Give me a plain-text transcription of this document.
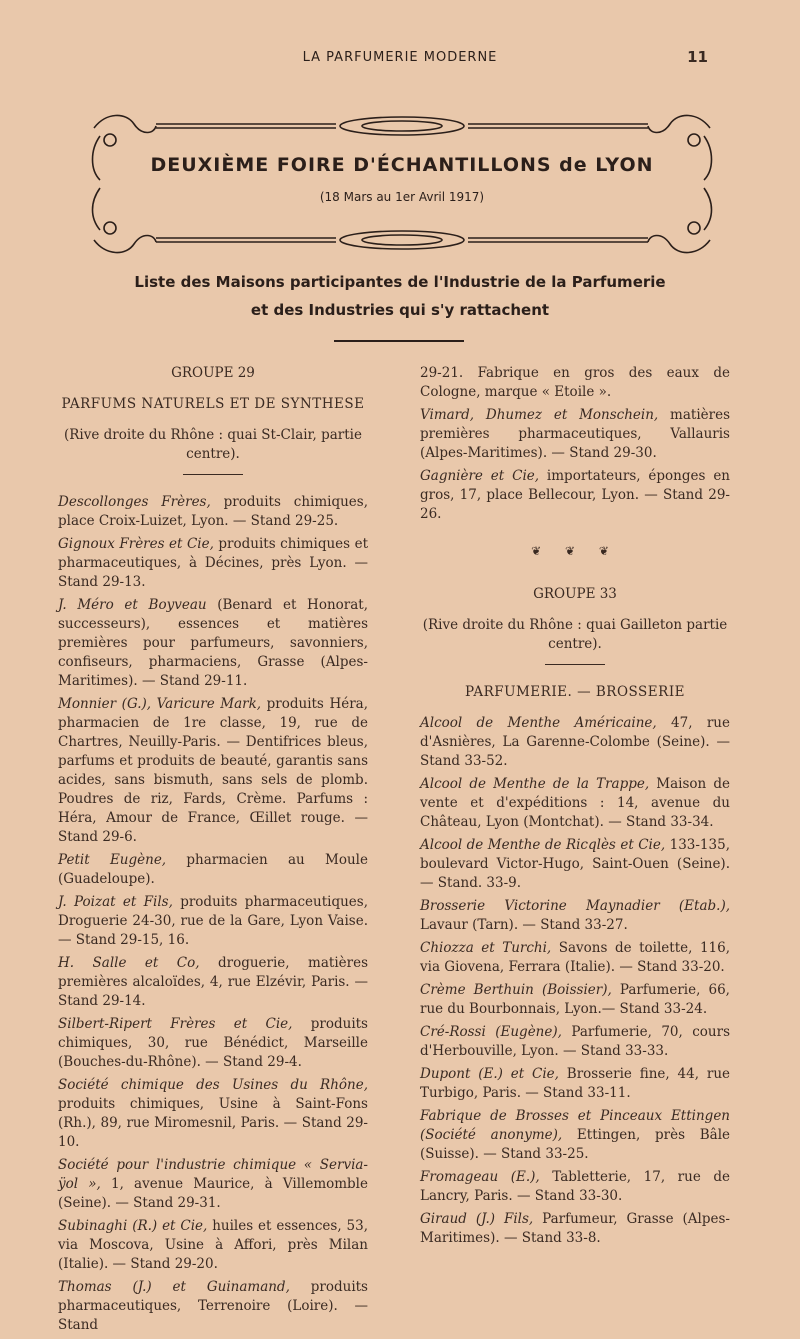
LA PARFUMERIE MODERNE	11
DEUXIÈME FOIRE D'ÉCHANTILLONS de LYON
(18 Mars au 1er Avril 1917)
Liste des Maisons participantes de l'Industrie de la Parfumerie
et des Industries qui s'y rattachent
GROUPE 29
PARFUMS NATURELS ET DE SYNTHESE
(Rive droite du Rhône : quai St-Clair, partie centre).

Descollonges Frères, produits chimiques, place Croix-Luizet, Lyon. — Stand 29-25.

Gignoux Frères et Cie, produits chimiques et pharmaceutiques, à Décines, près Lyon. — Stand 29-13.

J. Méro et Boyveau (Benard et Honorat, successeurs), essences et matières premières pour parfumeurs, savonniers, confiseurs, pharmaciens, Grasse (Alpes-Maritimes). — Stand 29-11.

Monnier (G.), Varicure Mark, produits Héra, pharmacien de 1re classe, 19, rue de Chartres, Neuilly-Paris. — Dentifrices bleus, parfums et produits de beauté, garantis sans acides, sans bismuth, sans sels de plomb. Poudres de riz, Fards, Crème. Parfums : Héra, Amour de France, Œillet rouge. — Stand 29-6.

Petit Eugène, pharmacien au Moule (Guadeloupe).

J. Poizat et Fils, produits pharmaceutiques, Droguerie 24-30, rue de la Gare, Lyon Vaise. — Stand 29-15, 16.

H. Salle et Co, droguerie, matières premières alcaloïdes, 4, rue Elzévir, Paris. — Stand 29-14.

Silbert-Ripert Frères et Cie, produits chimiques, 30, rue Bénédict, Marseille (Bouches-du-Rhône). — Stand 29-4.

Société chimique des Usines du Rhône, produits chimiques, Usine à Saint-Fons (Rh.), 89, rue Miromesnil, Paris. — Stand 29-10.

Société pour l'industrie chimique « Servia-ÿol », 1, avenue Maurice, à Villemomble (Seine). — Stand 29-31.

Subinaghi (R.) et Cie, huiles et essences, 53, via Moscova, Usine à Affori, près Milan (Italie). — Stand 29-20.

Thomas (J.) et Guinamand, produits pharmaceutiques, Terrenoire (Loire). — Stand

29-21. Fabrique en gros des eaux de Cologne, marque « Etoile ».

Vimard, Dhumez et Monschein, matières premières pharmaceutiques, Vallauris (Alpes-Maritimes). — Stand 29-30.

Gagnière et Cie, importateurs, éponges en gros, 17, place Bellecour, Lyon. — Stand 29-26.

❦ ❦ ❦
GROUPE 33
(Rive droite du Rhône : quai Gailleton partie centre).
PARFUMERIE. — BROSSERIE

Alcool de Menthe Américaine, 47, rue d'Asnières, La Garenne-Colombe (Seine). — Stand 33-52.

Alcool de Menthe de la Trappe, Maison de vente et d'expéditions : 14, avenue du Château, Lyon (Montchat). — Stand 33-34.

Alcool de Menthe de Ricqlès et Cie, 133-135, boulevard Victor-Hugo, Saint-Ouen (Seine). — Stand. 33-9.

Brosserie Victorine Maynadier (Etab.), Lavaur (Tarn). — Stand 33-27.

Chiozza et Turchi, Savons de toilette, 116, via Giovena, Ferrara (Italie). — Stand 33-20.

Crème Berthuin (Boissier), Parfumerie, 66, rue du Bourbonnais, Lyon.— Stand 33-24.

Cré-Rossi (Eugène), Parfumerie, 70, cours d'Herbouville, Lyon. — Stand 33-33.

Dupont (E.) et Cie, Brosserie fine, 44, rue Turbigo, Paris. — Stand 33-11.

Fabrique de Brosses et Pinceaux Ettingen (Société anonyme), Ettingen, près Bâle (Suisse). — Stand 33-25.

Fromageau (E.), Tabletterie, 17, rue de Lancry, Paris. — Stand 33-30.

Giraud (J.) Fils, Parfumeur, Grasse (Alpes-Maritimes). — Stand 33-8.
